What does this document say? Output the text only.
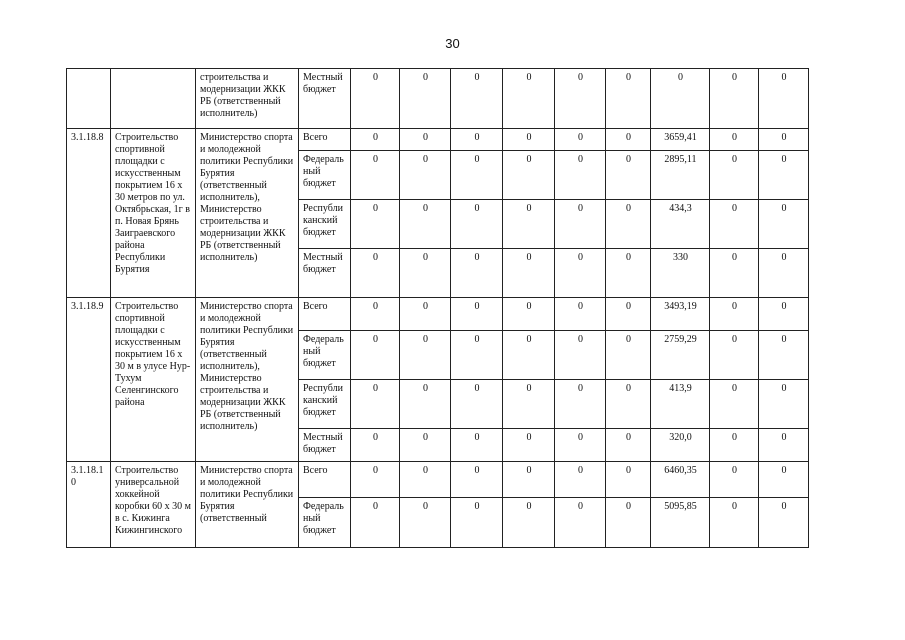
30
		строительства и модернизации ЖКК РБ (ответственный исполнитель)	Местный бюджет	0	0	0	0	0	0	0	0	0
3.1.18.8	Строительство спортивной площадки с искусственным покрытием 16 х 30 метров по ул. Октябрьская, 1г в п. Новая Брянь Заиграевского района Республики Бурятия	Министерство спорта и молодежной политики Республики Бурятия (ответственный исполнитель), Министерство строительства и модернизации ЖКК РБ (ответственный исполнитель)	Всего	0	0	0	0	0	0	3659,41	0	0
			Федераль ный бюджет	0	0	0	0	0	0	2895,11	0	0
			Республи канский бюджет	0	0	0	0	0	0	434,3	0	0
			Местный бюджет	0	0	0	0	0	0	330	0	0
3.1.18.9	Строительство спортивной площадки с искусственным покрытием 16 х 30 м в улусе Нур-Тухум Селенгинского района	Министерство спорта и молодежной политики Республики Бурятия (ответственный исполнитель), Министерство строительства и модернизации ЖКК РБ (ответственный исполнитель)	Всего	0	0	0	0	0	0	3493,19	0	0
			Федераль ный бюджет	0	0	0	0	0	0	2759,29	0	0
			Республи канский бюджет	0	0	0	0	0	0	413,9	0	0
			Местный бюджет	0	0	0	0	0	0	320,0	0	0
3.1.18.1 0	Строительство универсальной хоккейной коробки 60 х 30 м в с. Кижинга Кижингинского	Министерство спорта и молодежной политики Республики Бурятия (ответственный	Всего	0	0	0	0	0	0	6460,35	0	0
			Федераль ный бюджет	0	0	0	0	0	0	5095,85	0	0
